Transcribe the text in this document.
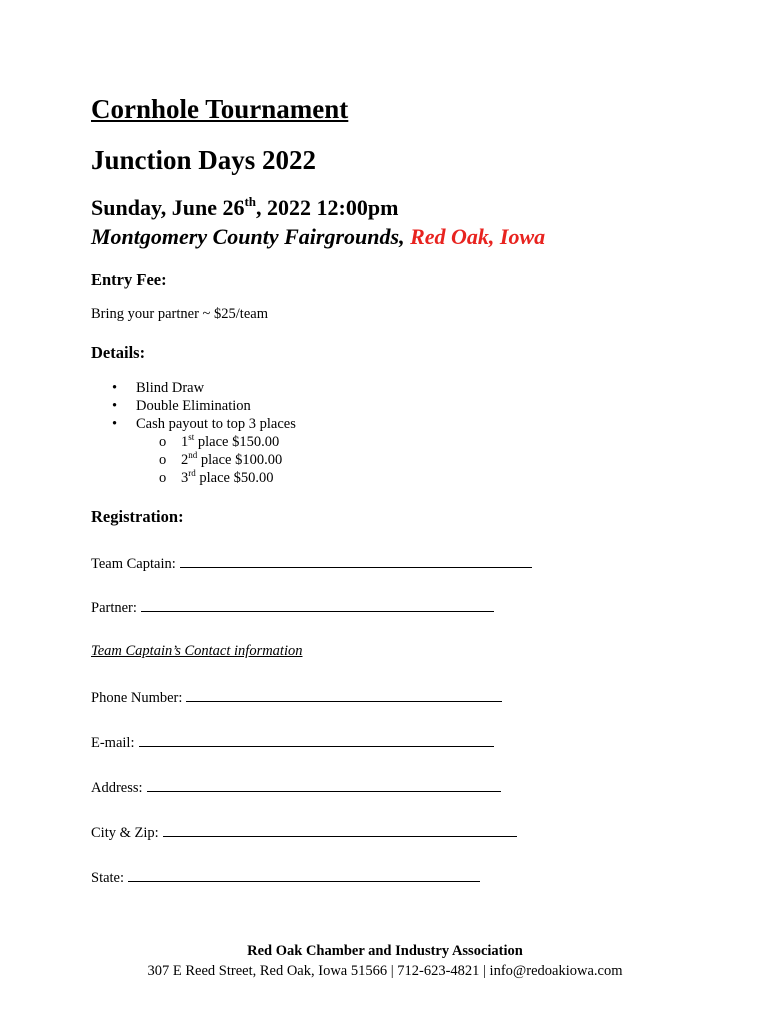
Cornhole Tournament
Junction Days 2022
Sunday, June 26th, 2022 12:00pm
Montgomery County Fairgrounds, Red Oak, Iowa
Entry Fee:
Bring your partner ~ $25/team
Details:
• Blind Draw
• Double Elimination
• Cash payout to top 3 places
o 1st place $150.00
o 2nd place $100.00
o 3rd place $50.00
Registration:
Team Captain:
Partner:
Team Captain’s Contact information
Phone Number:
E-mail:
Address:
City & Zip:
State:
Red Oak Chamber and Industry Association
307 E Reed Street, Red Oak, Iowa 51566 | 712-623-4821 | info@redoakiowa.com
